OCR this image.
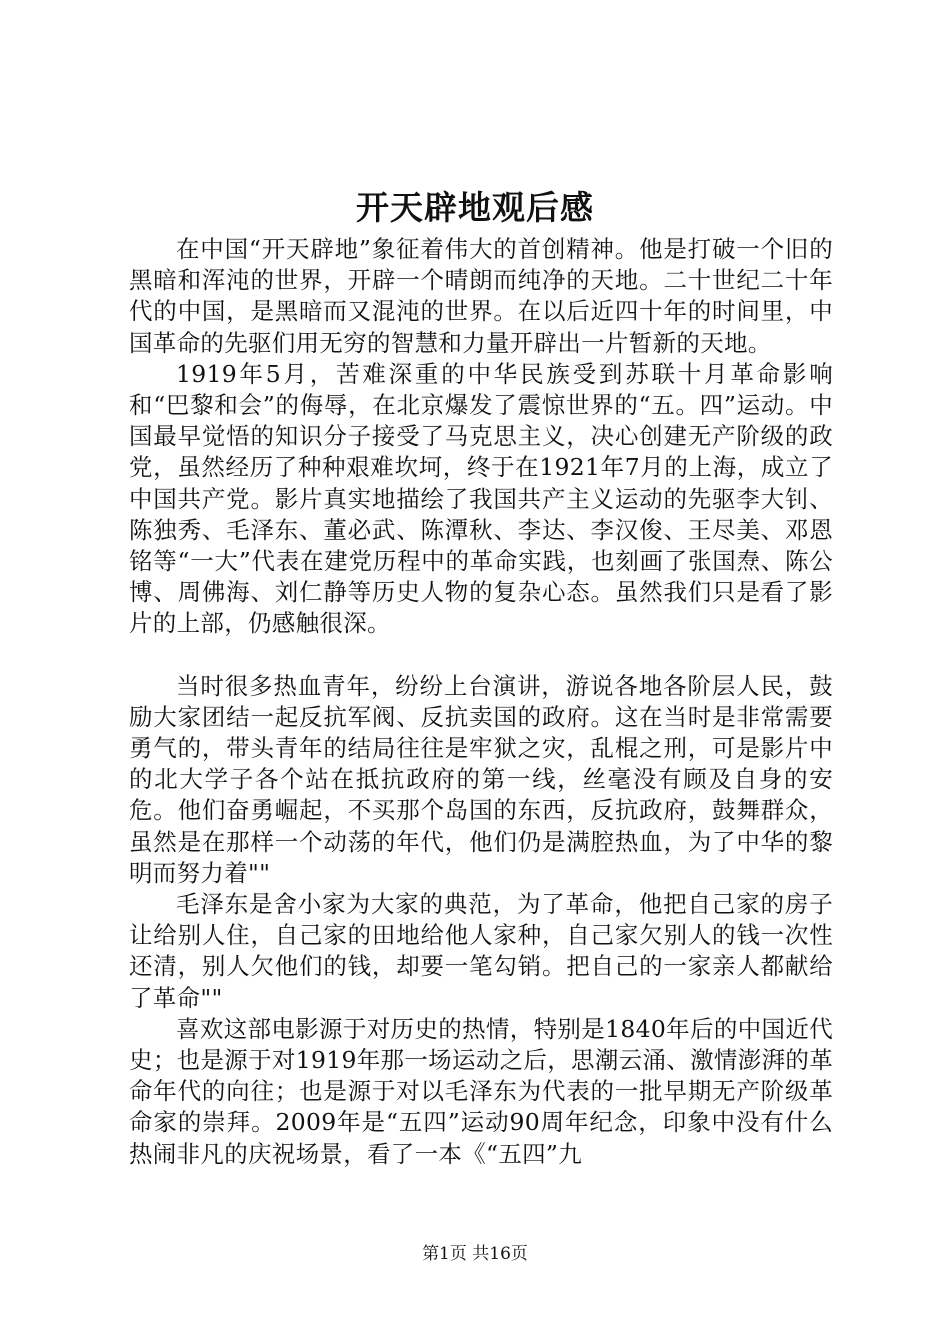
开天辟地观后感

在中国“开天辟地”象征着伟大的首创精神。他是打破一个旧的黑暗和浑沌的世界，开辟一个晴朗而纯净的天地。二十世纪二十年代的中国，是黑暗而又混沌的世界。在以后近四十年的时间里，中国革命的先驱们用无穷的智慧和力量开辟出一片暂新的天地。

1919年5月，苦难深重的中华民族受到苏联十月革命影响和“巴黎和会”的侮辱，在北京爆发了震惊世界的“五。四”运动。中国最早觉悟的知识分子接受了马克思主义，决心创建无产阶级的政党，虽然经历了种种艰难坎坷，终于在1921年7月的上海，成立了中国共产党。影片真实地描绘了我国共产主义运动的先驱李大钊、陈独秀、毛泽东、董必武、陈潭秋、李达、李汉俊、王尽美、邓恩铭等“一大”代表在建党历程中的革命实践，也刻画了张国焘、陈公博、周佛海、刘仁静等历史人物的复杂心态。虽然我们只是看了影片的上部，仍感触很深。

当时很多热血青年，纷纷上台演讲，游说各地各阶层人民，鼓励大家团结一起反抗军阀、反抗卖国的政府。这在当时是非常需要勇气的，带头青年的结局往往是牢狱之灾，乱棍之刑，可是影片中的北大学子各个站在抵抗政府的第一线，丝毫没有顾及自身的安危。他们奋勇崛起，不买那个岛国的东西，反抗政府，鼓舞群众，虽然是在那样一个动荡的年代，他们仍是满腔热血，为了中华的黎明而努力着""

毛泽东是舍小家为大家的典范，为了革命，他把自己家的房子让给别人住，自己家的田地给他人家种，自己家欠别人的钱一次性还清，别人欠他们的钱，却要一笔勾销。把自己的一家亲人都献给了革命""

喜欢这部电影源于对历史的热情，特别是1840年后的中国近代史；也是源于对1919年那一场运动之后，思潮云涌、激情澎湃的革命年代的向往；也是源于对以毛泽东为代表的一批早期无产阶级革命家的崇拜。2009年是“五四”运动90周年纪念，印象中没有什么热闹非凡的庆祝场景，看了一本《“五四”九

第1页 共16页
